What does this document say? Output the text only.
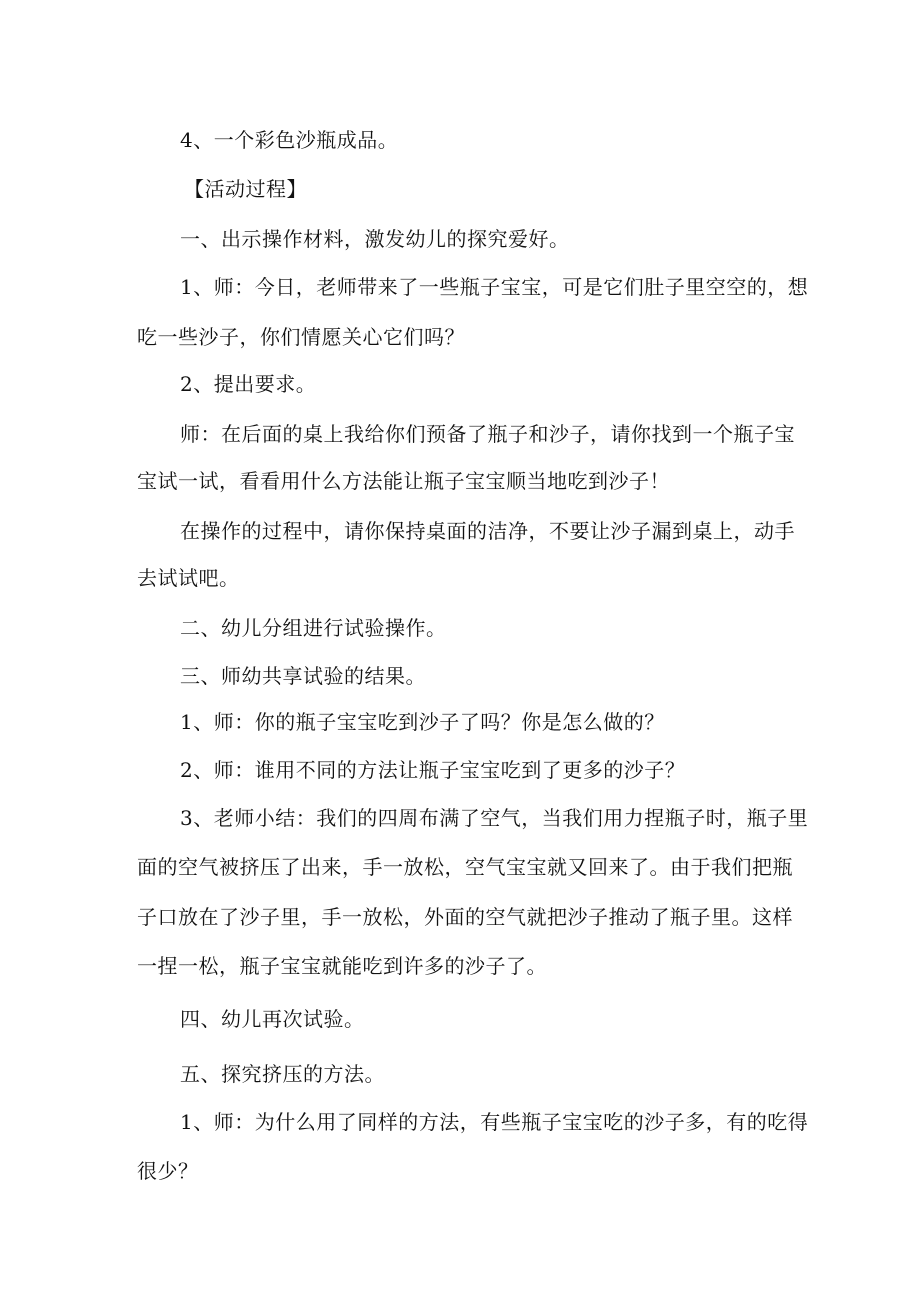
4、一个彩色沙瓶成品。
【活动过程】
一、出示操作材料，激发幼儿的探究爱好。
1、师：今日，老师带来了一些瓶子宝宝，可是它们肚子里空空的，想
吃一些沙子，你们情愿关心它们吗？
2、提出要求。
师：在后面的桌上我给你们预备了瓶子和沙子，请你找到一个瓶子宝
宝试一试，看看用什么方法能让瓶子宝宝顺当地吃到沙子！
在操作的过程中，请你保持桌面的洁净，不要让沙子漏到桌上，动手
去试试吧。
二、幼儿分组进行试验操作。
三、师幼共享试验的结果。
1、师：你的瓶子宝宝吃到沙子了吗？你是怎么做的？
2、师：谁用不同的方法让瓶子宝宝吃到了更多的沙子？
3、老师小结：我们的四周布满了空气，当我们用力捏瓶子时，瓶子里
面的空气被挤压了出来，手一放松，空气宝宝就又回来了。由于我们把瓶
子口放在了沙子里，手一放松，外面的空气就把沙子推动了瓶子里。这样
一捏一松，瓶子宝宝就能吃到许多的沙子了。
四、幼儿再次试验。
五、探究挤压的方法。
1、师：为什么用了同样的方法，有些瓶子宝宝吃的沙子多，有的吃得
很少？
